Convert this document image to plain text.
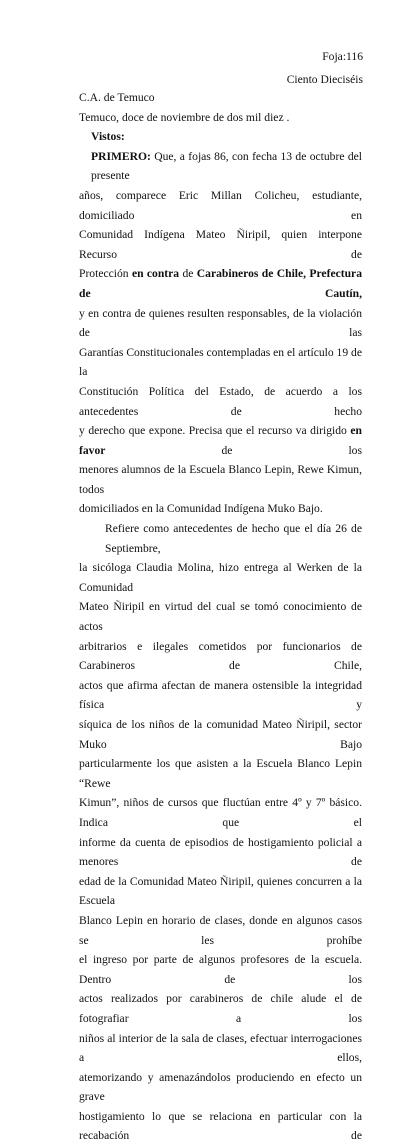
Foja:116
Ciento Dieciséis
C.A. de Temuco
Temuco, doce de noviembre de dos mil diez .
Vistos:
PRIMERO: Que, a fojas 86, con fecha 13 de octubre del presente
años, comparece Eric Millan Colicheu, estudiante, domiciliado en
Comunidad Indígena Mateo Ñiripil, quien interpone Recurso de
Protección en contra de Carabineros de Chile, Prefectura de Cautín,
y en contra de quienes resulten responsables, de la violación de las
Garantías Constitucionales contempladas en el artículo 19 de la
Constitución Política del Estado, de acuerdo a los antecedentes de hecho
y derecho que expone. Precisa que el recurso va dirigido en favor de los
menores alumnos de la Escuela Blanco Lepin, Rewe Kimun, todos
domiciliados en la Comunidad Indígena Muko Bajo.
Refiere como antecedentes de hecho que el día 26 de Septiembre,
la sicóloga Claudia Molina, hizo entrega al Werken de la Comunidad
Mateo Ñiripil en virtud del cual se tomó conocimiento de actos
arbitrarios e ilegales cometidos por funcionarios de Carabineros de Chile,
actos que afirma afectan de manera ostensible la integridad física y
síquica de los niños de la comunidad Mateo Ñiripil, sector Muko Bajo
particularmente los que asisten a la Escuela Blanco Lepin “Rewe
Kimun”, niños de cursos que fluctúan entre 4º y 7º básico. Indica que el
informe da cuenta de episodios de hostigamiento policial a menores de
edad de la Comunidad Mateo Ñiripil, quienes concurren a la Escuela
Blanco Lepin en horario de clases, donde en algunos casos se les prohíbe
el ingreso por parte de algunos profesores de la escuela. Dentro de los
actos realizados por carabineros de chile alude el de fotografiar a los
niños al interior de la sala de clases, efectuar interrogaciones a ellos,
atemorizando y amenazándolos produciendo en efecto un grave
hostigamiento lo que se relaciona en particular con la recabación de
